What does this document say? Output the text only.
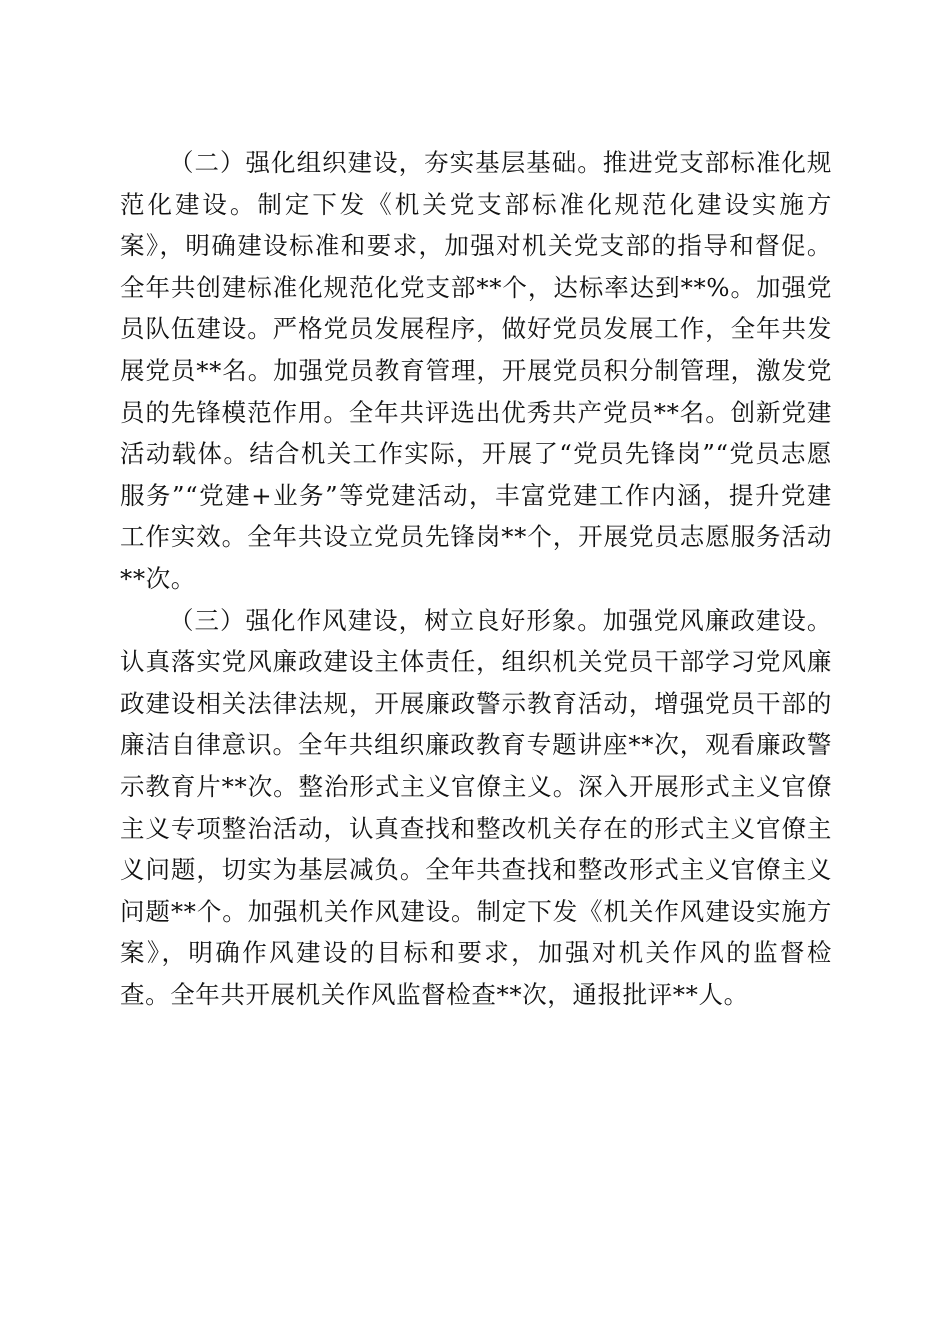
（二）强化组织建设，夯实基层基础。推进党支部标准化规范化建设。制定下发《机关党支部标准化规范化建设实施方案》，明确建设标准和要求，加强对机关党支部的指导和督促。全年共创建标准化规范化党支部**个，达标率达到**%。加强党员队伍建设。严格党员发展程序，做好党员发展工作，全年共发展党员**名。加强党员教育管理，开展党员积分制管理，激发党员的先锋模范作用。全年共评选出优秀共产党员**名。创新党建活动载体。结合机关工作实际，开展了“党员先锋岗”“党员志愿服务”“党建+业务”等党建活动，丰富党建工作内涵，提升党建工作实效。全年共设立党员先锋岗**个，开展党员志愿服务活动**次。

（三）强化作风建设，树立良好形象。加强党风廉政建设。认真落实党风廉政建设主体责任，组织机关党员干部学习党风廉政建设相关法律法规，开展廉政警示教育活动，增强党员干部的廉洁自律意识。全年共组织廉政教育专题讲座**次，观看廉政警示教育片**次。整治形式主义官僚主义。深入开展形式主义官僚主义专项整治活动，认真查找和整改机关存在的形式主义官僚主义问题，切实为基层减负。全年共查找和整改形式主义官僚主义问题**个。加强机关作风建设。制定下发《机关作风建设实施方案》，明确作风建设的目标和要求，加强对机关作风的监督检查。全年共开展机关作风监督检查**次，通报批评**人。
